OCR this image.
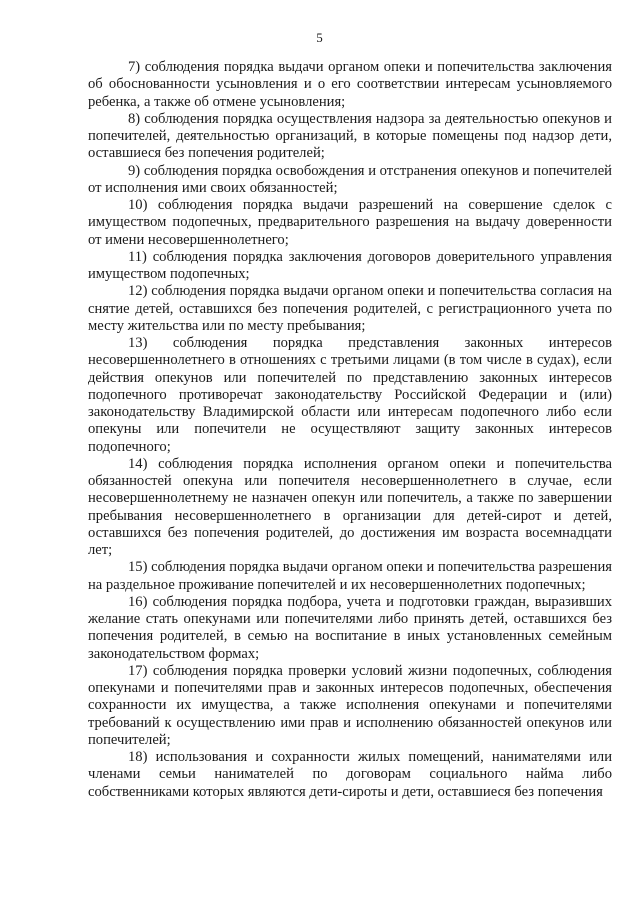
5

7) соблюдения порядка выдачи органом опеки и попечительства заключения об обоснованности усыновления и о его соответствии интересам усыновляемого ребенка, а также об отмене усыновления;

8) соблюдения порядка осуществления надзора за деятельностью опекунов и попечителей, деятельностью организаций, в которые помещены под надзор дети, оставшиеся без попечения родителей;

9) соблюдения порядка освобождения и отстранения опекунов и попечителей от исполнения ими своих обязанностей;

10) соблюдения порядка выдачи разрешений на совершение сделок с имуществом подопечных, предварительного разрешения на выдачу доверенности от имени несовершеннолетнего;

11) соблюдения порядка заключения договоров доверительного управления имуществом подопечных;

12) соблюдения порядка выдачи органом опеки и попечительства согласия на снятие детей, оставшихся без попечения родителей, с регистрационного учета по месту жительства или по месту пребывания;

13) соблюдения порядка представления законных интересов несовершеннолетнего в отношениях с третьими лицами (в том числе в судах), если действия опекунов или попечителей по представлению законных интересов подопечного противоречат законодательству Российской Федерации и (или) законодательству Владимирской области или интересам подопечного либо если опекуны или попечители не осуществляют защиту законных интересов подопечного;

14) соблюдения порядка исполнения органом опеки и попечительства обязанностей опекуна или попечителя несовершеннолетнего в случае, если несовершеннолетнему не назначен опекун или попечитель, а также по завершении пребывания несовершеннолетнего в организации для детей-сирот и детей, оставшихся без попечения родителей, до достижения им возраста восемнадцати лет;

15) соблюдения порядка выдачи органом опеки и попечительства разрешения на раздельное проживание попечителей и их несовершеннолетних подопечных;

16) соблюдения порядка подбора, учета и подготовки граждан, выразивших желание стать опекунами или попечителями либо принять детей, оставшихся без попечения родителей, в семью на воспитание в иных установленных семейным законодательством формах;

17) соблюдения порядка проверки условий жизни подопечных, соблюдения опекунами и попечителями прав и законных интересов подопечных, обеспечения сохранности их имущества, а также исполнения опекунами и попечителями требований к осуществлению ими прав и исполнению обязанностей опекунов или попечителей;

18) использования и сохранности жилых помещений, нанимателями или членами семьи нанимателей по договорам социального найма либо собственниками которых являются дети-сироты и дети, оставшиеся без попечения
